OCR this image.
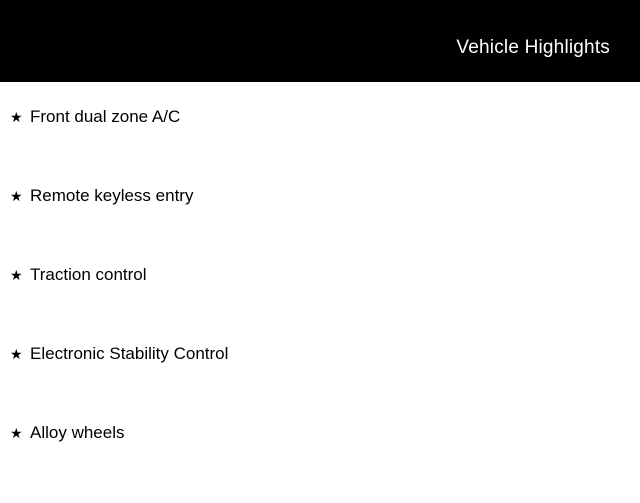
Vehicle Highlights
★ Front dual zone A/C
★ Remote keyless entry
★ Traction control
★ Electronic Stability Control
★ Alloy wheels
